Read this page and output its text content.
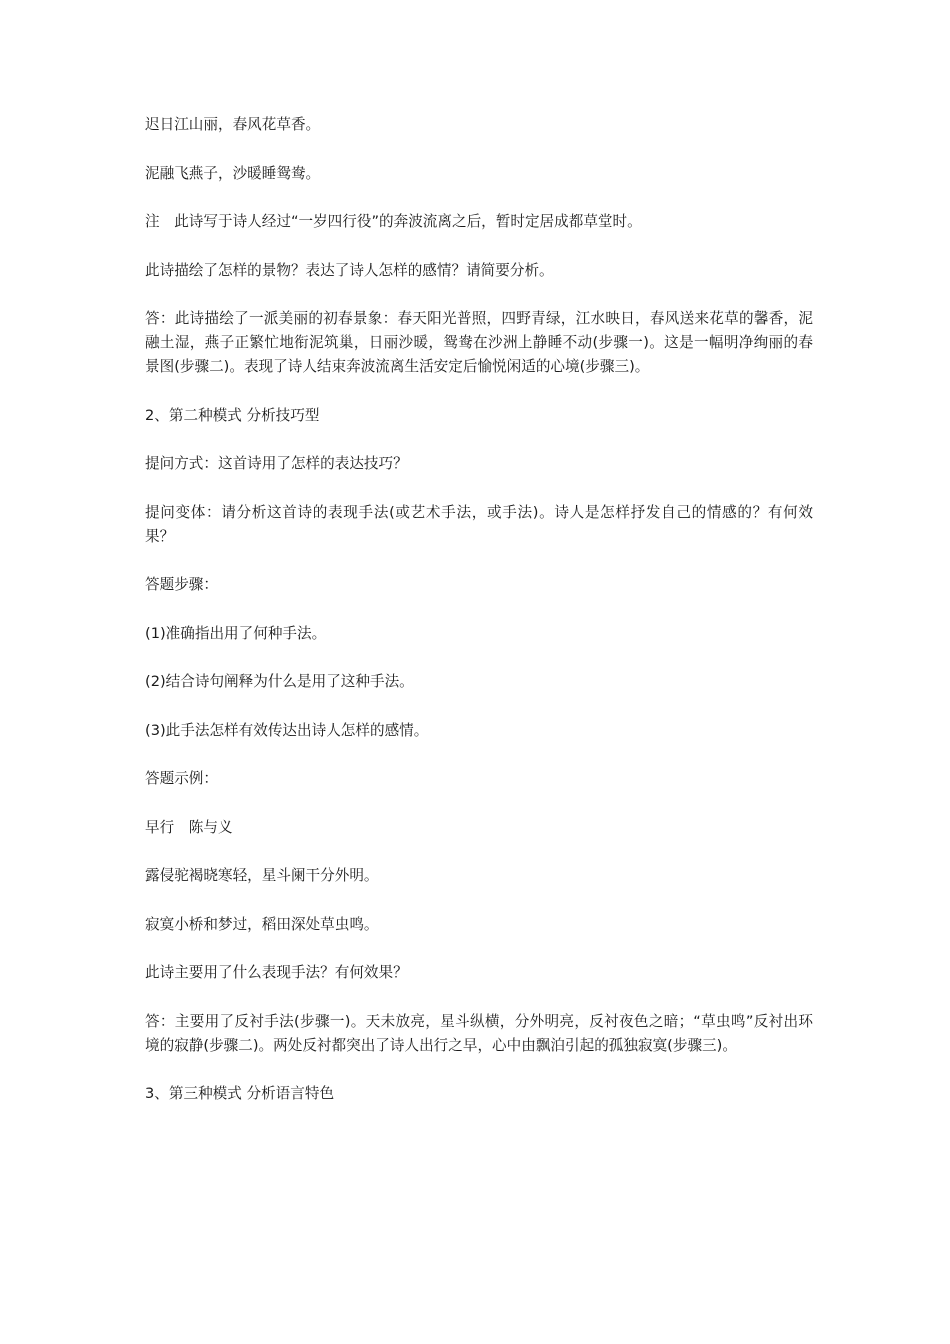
迟日江山丽，春风花草香。

泥融飞燕子，沙暖睡鸳鸯。

注　此诗写于诗人经过“一岁四行役”的奔波流离之后，暂时定居成都草堂时。

此诗描绘了怎样的景物？表达了诗人怎样的感情？请简要分析。

答：此诗描绘了一派美丽的初春景象：春天阳光普照，四野青绿，江水映日，春风送来花草的馨香，泥融土湿，燕子正繁忙地衔泥筑巢，日丽沙暖，鸳鸯在沙洲上静睡不动(步骤一)。这是一幅明净绚丽的春景图(步骤二)。表现了诗人结束奔波流离生活安定后愉悦闲适的心境(步骤三)。

2、第二种模式 分析技巧型

提问方式：这首诗用了怎样的表达技巧？

提问变体：请分析这首诗的表现手法(或艺术手法，或手法)。诗人是怎样抒发自己的情感的？有何效果？

答题步骤：

(1)准确指出用了何种手法。

(2)结合诗句阐释为什么是用了这种手法。

(3)此手法怎样有效传达出诗人怎样的感情。

答题示例：

早行　陈与义

露侵驼褐晓寒轻，星斗阑干分外明。

寂寞小桥和梦过，稻田深处草虫鸣。

此诗主要用了什么表现手法？有何效果？

答：主要用了反衬手法(步骤一)。天未放亮，星斗纵横，分外明亮，反衬夜色之暗；“草虫鸣”反衬出环境的寂静(步骤二)。两处反衬都突出了诗人出行之早，心中由飘泊引起的孤独寂寞(步骤三)。

3、第三种模式 分析语言特色
